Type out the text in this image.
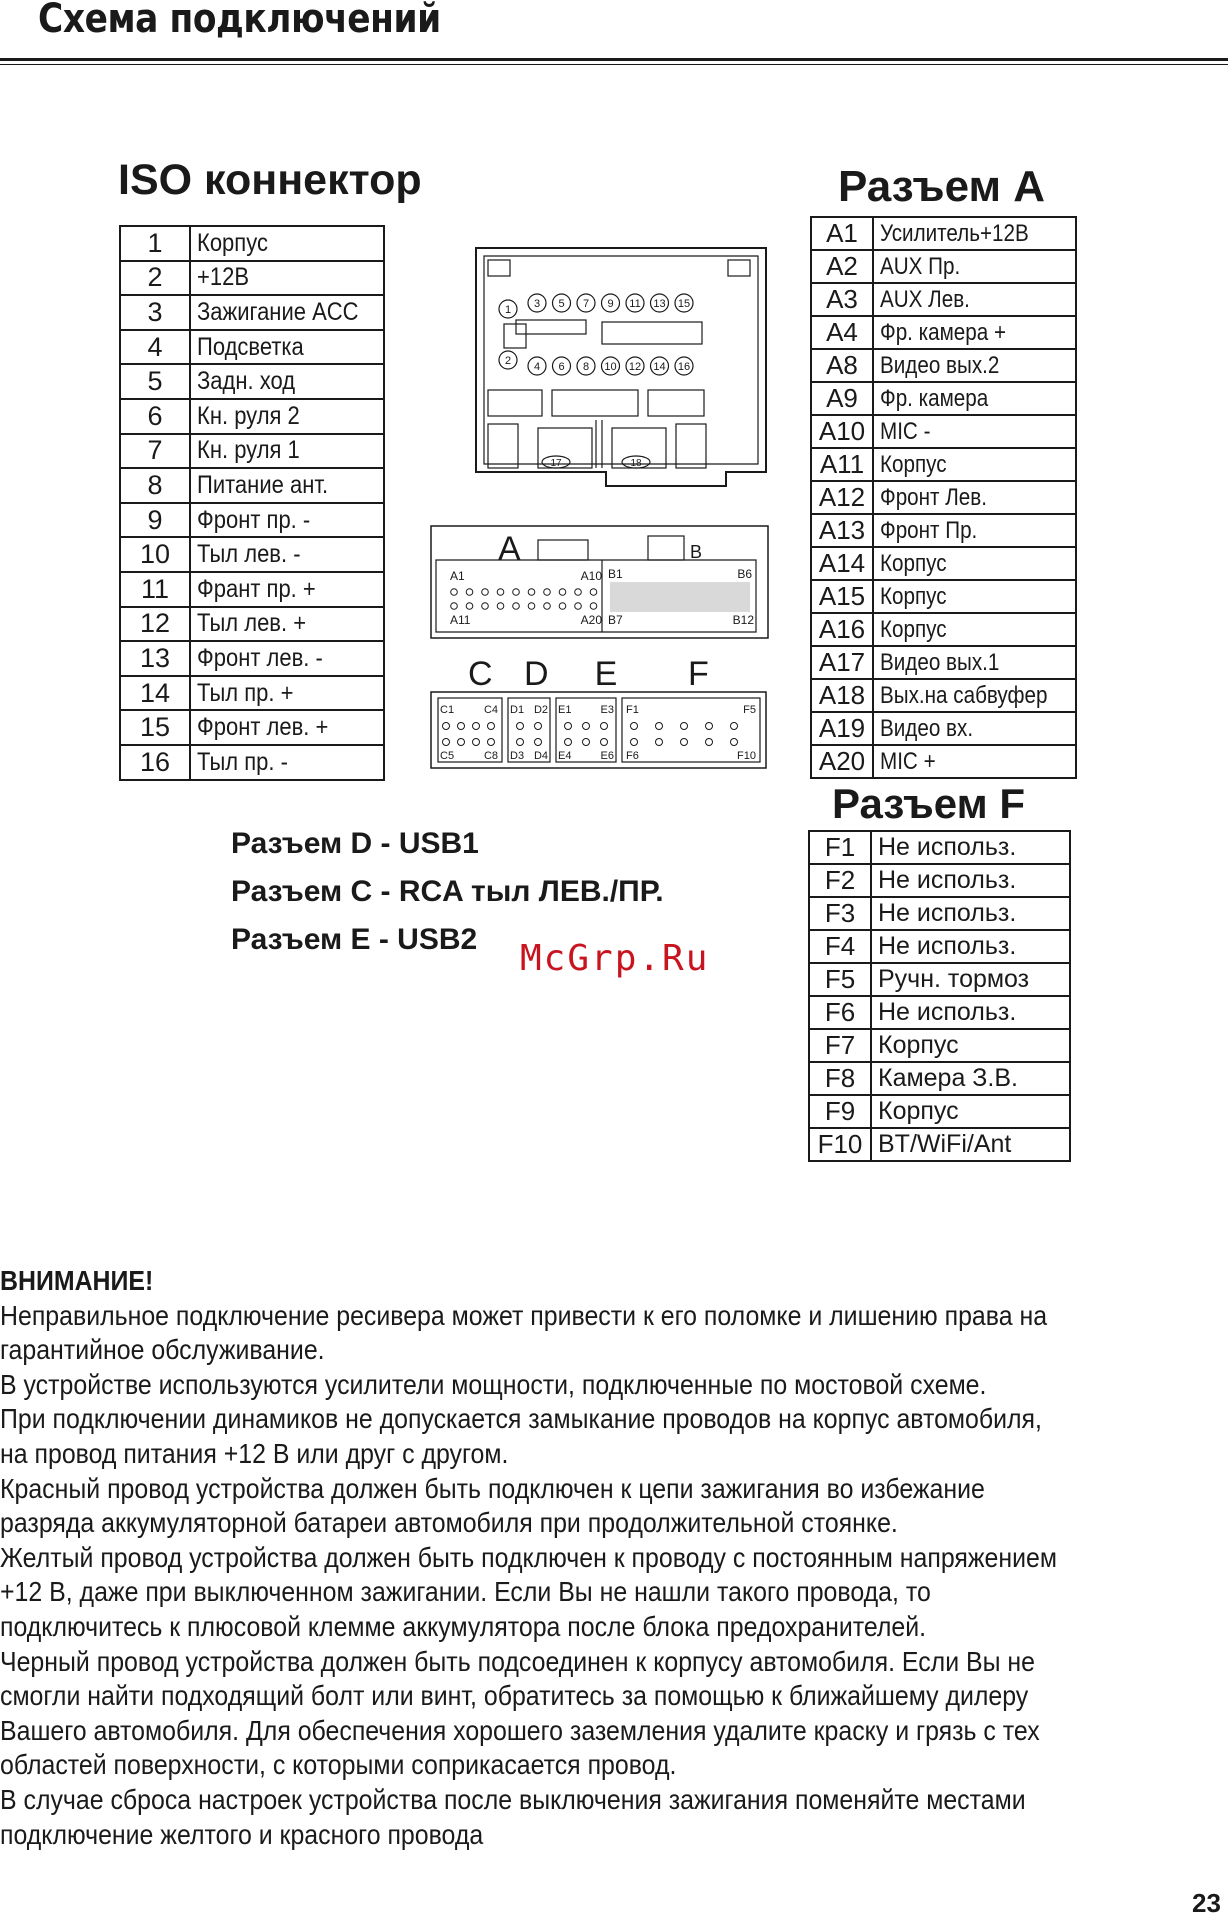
Схема подключений
ISO коннектор
1	Корпус
2	+12В
3	Зажигание ACC
4	Подсветка
5	Задн. ход
6	Кн. руля 2
7	Кн. руля 1
8	Питание ант.
9	Фронт пр. -
10	Тыл лев. -
11	Франт пр. +
12	Тыл лев. +
13	Фронт лев. -
14	Тыл пр. +
15	Фронт лев. +
16	Тыл пр. -
Разъем A
A1	Усилитель+12В
A2	AUX Пр.
A3	AUX Лев.
A4	Фр. камера +
A8	Видео вых.2
A9	Фр. камера
A10	MIC -
A11	Корпус
A12	Фронт Лев.
A13	Фронт Пр.
A14	Корпус
A15	Корпус
A16	Корпус
A17	Видео вых.1
A18	Вых.на сабвуфер
A19	Видео вх.
A20	MIC +
Разъем F
F1	Не использ.
F2	Не использ.
F3	Не использ.
F4	Не использ.
F5	Ручн. тормоз
F6	Не использ.
F7	Корпус
F8	Камера З.В.
F9	Корпус
F10	BT/WiFi/Ant
Разъем D - USB1
Разъем C - RCA тыл ЛЕВ./ПР.
Разъем E - USB2
1 3 5 7 9 11 13 15
2 4 6 8 10 12 14 16
17	18
A	B
A1	A10
A11	A20
B1	B6
B7	B12
C D E F
C1	C4
C5	C8
D1 D2
D3 D4
E1	E3
E4	E6
F1	F5
F6	F10
McGrp.Ru
ВНИМАНИЕ!
Неправильное подключение ресивера может привести к его поломке и лишению права на
гарантийное обслуживание.
В устройстве используются усилители мощности, подключенные по мостовой схеме.
При подключении динамиков не допускается замыкание проводов на корпус автомобиля,
на провод питания +12 В или друг с другом.
Красный провод устройства должен быть подключен к цепи зажигания во избежание
разряда аккумуляторной батареи автомобиля при продолжительной стоянке.
Желтый провод устройства должен быть подключен к проводу с постоянным напряжением
+12 В, даже при выключенном зажигании. Если Вы не нашли такого провода, то
подключитесь к плюсовой клемме аккумулятора после блока предохранителей.
Черный провод устройства должен быть подсоединен к корпусу автомобиля. Если Вы не
смогли найти подходящий болт или винт, обратитесь за помощью к ближайшему дилеру
Вашего автомобиля. Для обеспечения хорошего заземления удалите краску и грязь с тех
областей поверхности, с которыми соприкасается провод.
В случае сброса настроек устройства после выключения зажигания поменяйте местами
подключение желтого и красного провода
23
